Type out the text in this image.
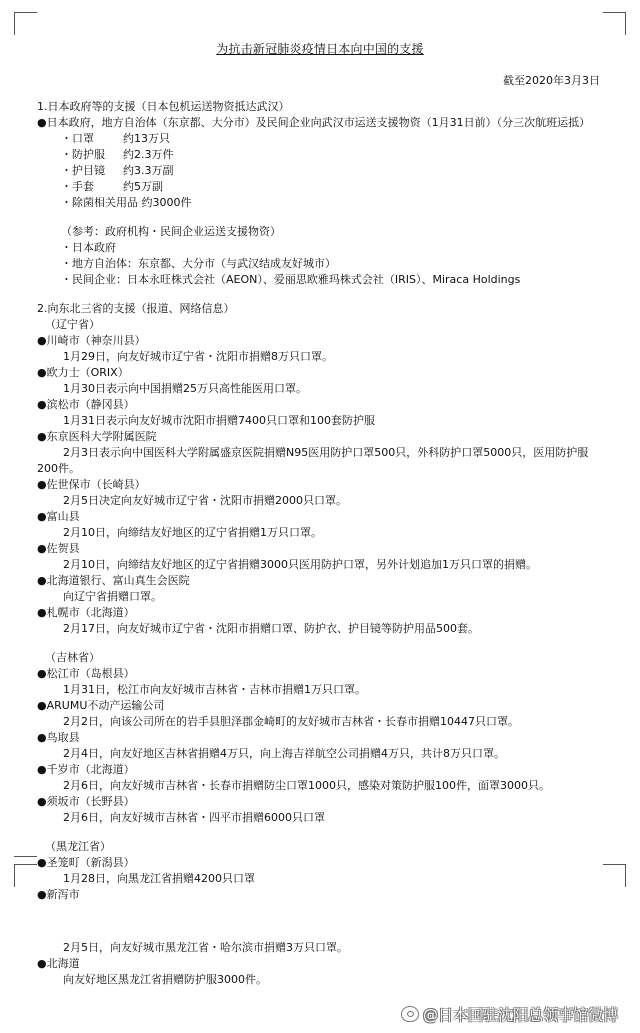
为抗击新冠肺炎疫情日本向中国的支援
截至2020年3月3日
1.日本政府等的支援（日本包机运送物资抵达武汉）
●日本政府，地方自治体（东京都、大分市）及民间企业向武汉市运送支援物资（1月31日前）（分三次航班运抵）
・口罩	约13万只
・防护服 约2.3万件
・护目镜 约3.3万副
・手套	约5万副
・除菌相关用品 约3000件
（参考：政府机构・民间企业运送支援物资）
・日本政府
・地方自治体：东京都、大分市（与武汉结成友好城市）
・民间企业：日本永旺株式会社（AEON）、爱丽思欧雅玛株式会社（IRIS）、Miraca Holdings
2.向东北三省的支援（报道、网络信息）
（辽宁省）
● 川崎市（神奈川县）
1月29日，向友好城市辽宁省・沈阳市捐赠8万只口罩。
● 欧力士（ORIX）
1月30日表示向中国捐赠25万只高性能医用口罩。
● 滨松市（静冈县）
1月31日表示向友好城市沈阳市捐赠7400只口罩和100套防护服
● 东京医科大学附属医院
2月3日表示向中国医科大学附属盛京医院捐赠N95医用防护口罩500只，外科防护口罩5000只，医用防护服200件。
● 佐世保市（长崎县）
2月5日决定向友好城市辽宁省・沈阳市捐赠2000只口罩。
● 富山县
2月10日，向缔结友好地区的辽宁省捐赠1万只口罩。
● 佐贺县
2月10日，向缔结友好地区的辽宁省捐赠3000只医用防护口罩，另外计划追加1万只口罩的捐赠。
● 北海道银行、富山真生会医院
向辽宁省捐赠口罩。
● 札幌市（北海道）
2月17日，向友好城市辽宁省・沈阳市捐赠口罩、防护衣、护目镜等防护用品500套。
（吉林省）
● 松江市（岛根县）
1月31日，松江市向友好城市吉林省・吉林市捐赠1万只口罩。
● ARUMU不动产运输公司
2月2日，向该公司所在的岩手县胆泽郡金崎町的友好城市吉林省・长春市捐赠10447只口罩。
● 鸟取县
2月4日，向友好地区吉林省捐赠4万只，向上海吉祥航空公司捐赠4万只，共计8万只口罩。
● 千岁市（北海道）
2月6日，向友好城市吉林省・长春市捐赠防尘口罩1000只，感染对策防护服100件，面罩3000只。
● 须坂市（长野县）
2月6日，向友好城市吉林省・四平市捐赠6000只口罩
（黑龙江省）
● 圣笼町（新潟县）
1月28日，向黑龙江省捐赠4200只口罩
● 新泻市
2月5日，向友好城市黑龙江省・哈尔滨市捐赠3万只口罩。
● 北海道
向友好地区黑龙江省捐赠防护服3000件。
@日本国驻沈阳总领事馆微博
